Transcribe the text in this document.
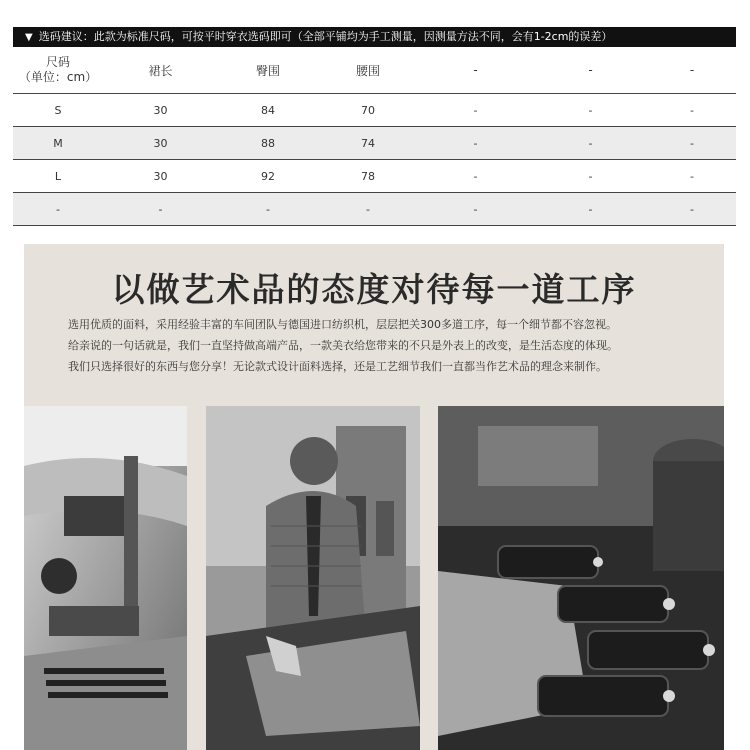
▼ 选码建议：此款为标准尺码，可按平时穿衣选码即可（全部平铺均为手工测量，因测量方法不同，会有1-2cm的误差）
尺码
（单位：cm）	裙长	臀围	腰围	-	-	-
S	30	84	70	-	-	-
M	30	88	74	-	-	-
L	30	92	78	-	-	-
-	-	-	-	-	-	-
以做艺术品的态度对待每一道工序
选用优质的面料，采用经验丰富的车间团队与德国进口纺织机，层层把关300多道工序，每一个细节都不容忽视。
给亲说的一句话就是，我们一直坚持做高端产品，一款美衣给您带来的不只是外表上的改变，是生活态度的体现。
我们只选择很好的东西与您分享！无论款式设计面料选择，还是工艺细节我们一直都当作艺术品的理念来制作。
